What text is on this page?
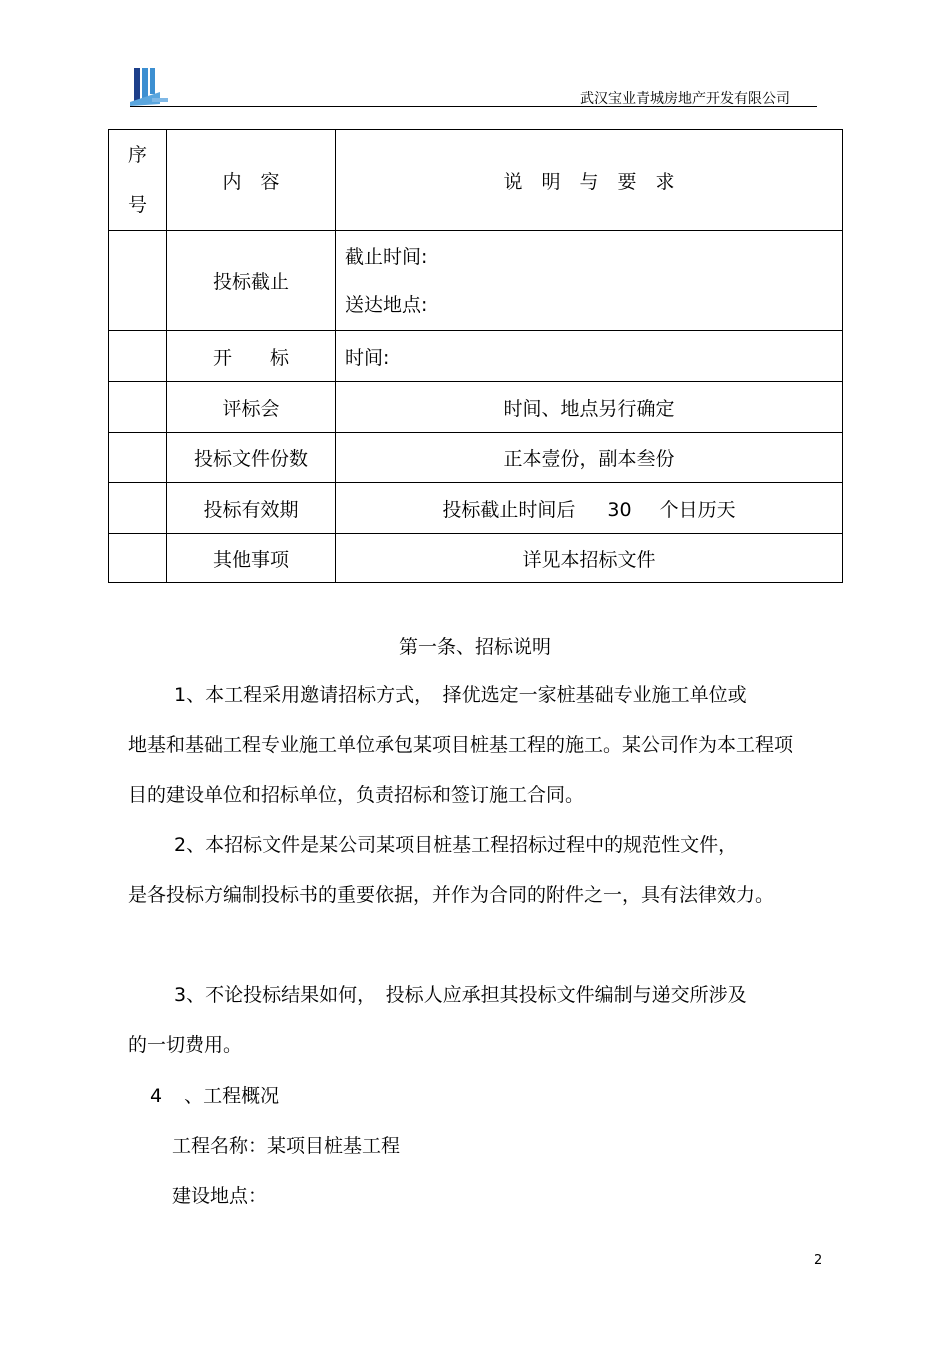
武汉宝业青城房地产开发有限公司
序
号	内　容	说　明　与　要　求
	投标截止	截止时间:
送达地点:

	开　　标	时间:
	评标会	时间、地点另行确定
	投标文件份数	正本壹份，副本叁份
	投标有效期	投标截止时间后 30 个日历天
	其他事项	详见本招标文件
第一条、招标说明
1、本工程采用邀请招标方式，　择优选定一家桩基础专业施工单位或
地基和基础工程专业施工单位承包某项目桩基工程的施工。某公司作为本工程项目的建设单位和招标单位，负责招标和签订施工合同。
2、本招标文件是某公司某项目桩基工程招标过程中的规范性文件，
是各投标方编制投标书的重要依据，并作为合同的附件之一，具有法律效力。
3、不论投标结果如何，　投标人应承担其投标文件编制与递交所涉及
的一切费用。
4 、工程概况
工程名称：某项目桩基工程
建设地点：
2
